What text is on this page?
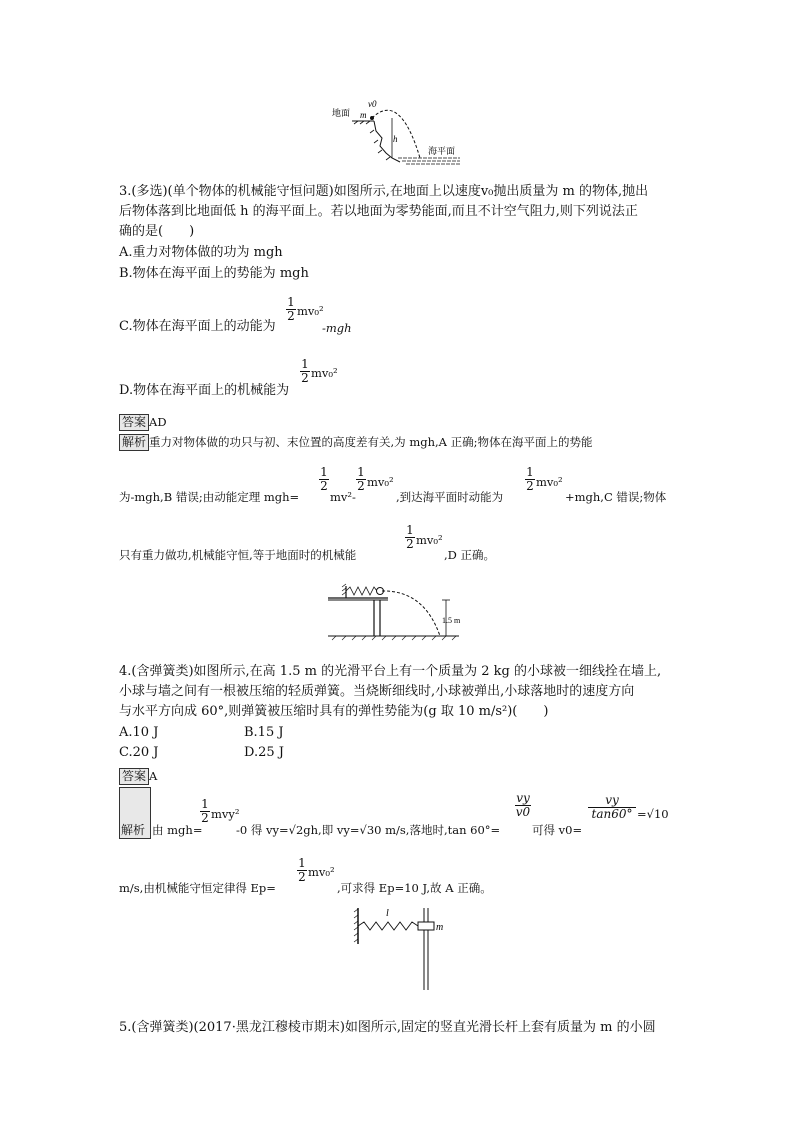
地面
v0
m
h
海平面
3.(多选)(单个物体的机械能守恒问题)如图所示,在地面上以速度v₀抛出质量为 m 的物体,抛出
后物体落到比地面低 h 的海平面上。若以地面为零势能面,而且不计空气阻力,则下列说法正
确的是(　　)
A.重力对物体做的功为 mgh
B.物体在海平面上的势能为 mgh
C.物体在海平面上的动能为
$\frac{1}{2} mv_0^2$
-mgh
D.物体在海平面上的机械能为
$\frac{1}{2} mv_0^2$
答案 AD
解析 重力对物体做的功只与初、末位置的高度差有关,为 mgh,A 正确;物体在海平面上的势能
为-mgh,B 错误;由动能定理 mgh=
$\frac{1}{2}$
mv²-
$\frac{1}{2} mv_0^2$
,到达海平面时动能为
$\frac{1}{2} mv_0^2$
+mgh,C 错误;物体
只有重力做功,机械能守恒,等于地面时的机械能
$\frac{1}{2} mv_0^2$
,D 正确。
1.5 m
4.(含弹簧类)如图所示,在高 1.5 m 的光滑平台上有一个质量为 2 kg 的小球被一细线拴在墙上,
小球与墙之间有一根被压缩的轻质弹簧。当烧断细线时,小球被弹出,小球落地时的速度方向
与水平方向成 60°,则弹簧被压缩时具有的弹性势能为(g 取 10 m/s²)(　　)
A.10 J	B.15 J
C.20 J	D.25 J
答案 A
解析 由 mgh=
$\frac{1}{2} mvy^2$
-0 得 vy=√2gh,即 vy=√30 m/s,落地时,tan 60°=
$\frac{vy}{v0}$
可得 v0=
$\frac{vy}{\tan 60^\circ} =√10$
m/s,由机械能守恒定律得 Ep=
$\frac{1}{2} mv_0^2$
,可求得 Ep=10 J,故 A 正确。
l
m
5.(含弹簧类)(2017·黑龙江穆棱市期末)如图所示,固定的竖直光滑长杆上套有质量为 m 的小圆
